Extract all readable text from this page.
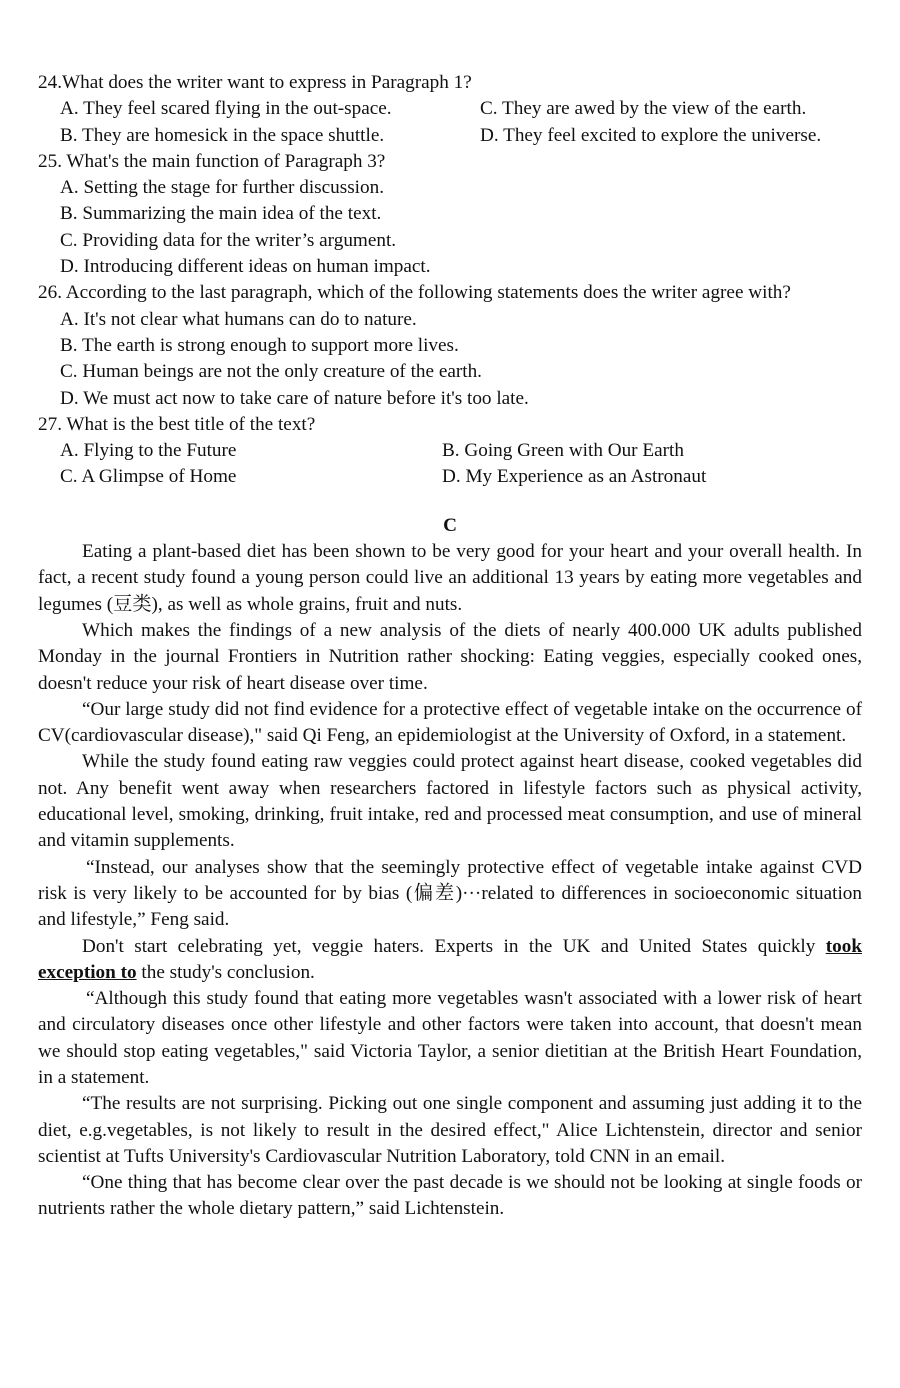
24.What does the writer want to express in Paragraph 1?

A. They feel scared flying in the out-space.	C. They are awed by the view of the earth.

B. They are homesick in the space shuttle.	D. They feel excited to explore the universe.

25. What's the main function of Paragraph 3?

A. Setting the stage for further discussion.

B. Summarizing the main idea of the text.

C. Providing data for the writer’s argument.

D. Introducing different ideas on human impact.

26. According to the last paragraph, which of the following statements does the writer agree with?

A. It's not clear what humans can do to nature.

B. The earth is strong enough to support more lives.

C. Human beings are not the only creature of the earth.

D. We must act now to take care of nature before it's too late.

27. What is the best title of the text?

A. Flying to the Future	B. Going Green with Our Earth

C. A Glimpse of Home	D. My Experience as an Astronaut

C

Eating a plant-based diet has been shown to be very good for your heart and your overall health. In fact, a recent study found a young person could live an additional 13 years by eating more vegetables and legumes (豆类), as well as whole grains, fruit and nuts.

Which makes the findings of a new analysis of the diets of nearly 400.000 UK adults published Monday in the journal Frontiers in Nutrition rather shocking: Eating veggies, especially cooked ones, doesn't reduce your risk of heart disease over time.

“Our large study did not find evidence for a protective effect of vegetable intake on the occurrence of CV(cardiovascular disease)," said Qi Feng, an epidemiologist at the University of Oxford, in a statement.

While the study found eating raw veggies could protect against heart disease, cooked vegetables did not. Any benefit went away when researchers factored in lifestyle factors such as physical activity, educational level, smoking, drinking, fruit intake, red and processed meat consumption, and use of mineral and vitamin supplements.

“Instead, our analyses show that the seemingly protective effect of vegetable intake against CVD risk is very likely to be accounted for by bias (偏差)···related to differences in socioeconomic situation and lifestyle,” Feng said.

Don't start celebrating yet, veggie haters. Experts in the UK and United States quickly took exception to the study's conclusion.

“Although this study found that eating more vegetables wasn't associated with a lower risk of heart and circulatory diseases once other lifestyle and other factors were taken into account, that doesn't mean we should stop eating vegetables," said Victoria Taylor, a senior dietitian at the British Heart Foundation, in a statement.

“The results are not surprising. Picking out one single component and assuming just adding it to the diet, e.g.vegetables, is not likely to result in the desired effect," Alice Lichtenstein, director and senior scientist at Tufts University's Cardiovascular Nutrition Laboratory, told CNN in an email.

“One thing that has become clear over the past decade is we should not be looking at single foods or nutrients rather the whole dietary pattern,” said Lichtenstein.
